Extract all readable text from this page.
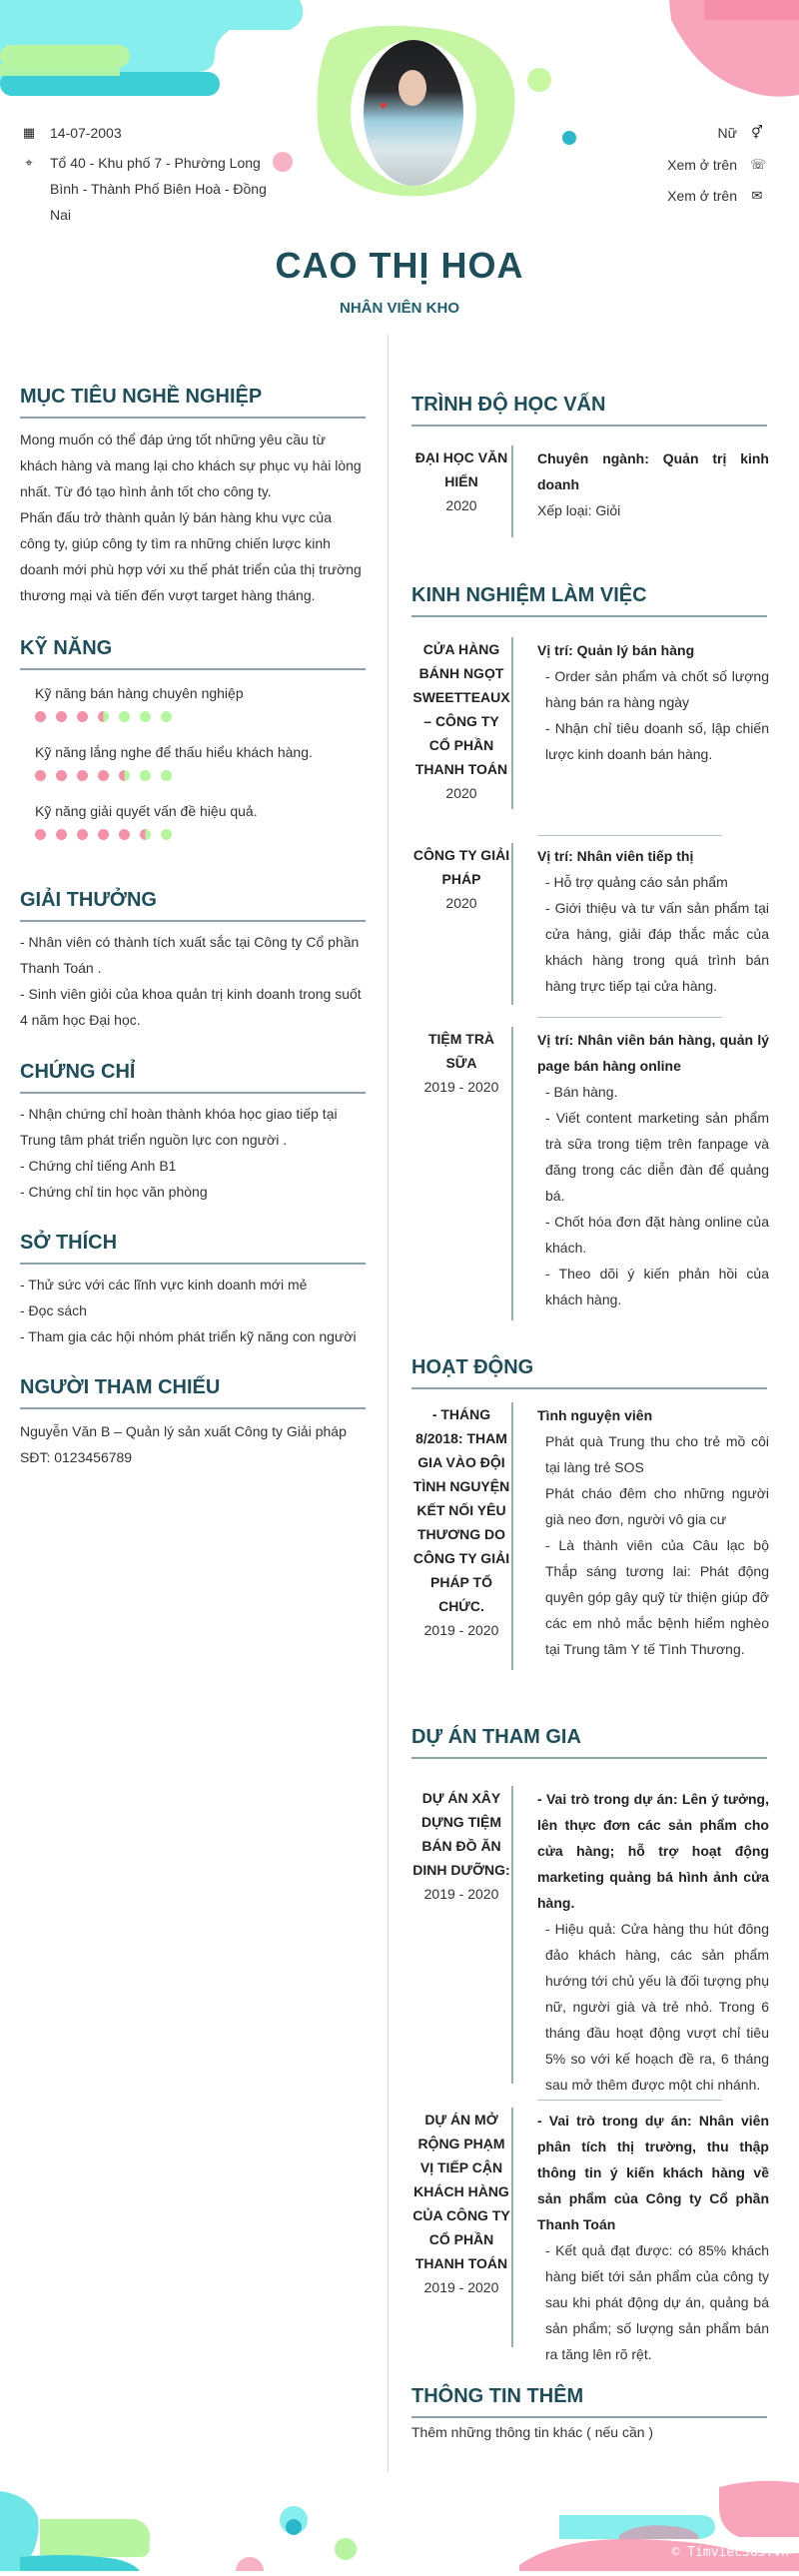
♥
▦ 14-07-2003
⌖ Tổ 40 - Khu phố 7 - Phường Long Bình - Thành Phố Biên Hoà - Đồng Nai
Nữ ⚥
Xem ở trên ☏
Xem ở trên ✉
CAO THỊ HOA
NHÂN VIÊN KHO
MỤC TIÊU NGHỀ NGHIỆP
Mong muốn có thể đáp ứng tốt những yêu cầu từ khách hàng và mang lại cho khách sự phục vụ hài lòng nhất. Từ đó tạo hình ảnh tốt cho công ty.
Phấn đấu trở thành quản lý bán hàng khu vực của công ty, giúp công ty tìm ra những chiến lược kinh doanh mới phù hợp với xu thế phát triển của thị trường thương mại và tiến đến vượt target hàng tháng.
KỸ NĂNG
Kỹ năng bán hàng chuyên nghiệp
Kỹ năng lắng nghe để thấu hiểu khách hàng.
Kỹ năng giải quyết vấn đề hiệu quả.
GIẢI THƯỞNG
- Nhân viên có thành tích xuất sắc tại Công ty Cổ phần Thanh Toán .
- Sinh viên giỏi của khoa quản trị kinh doanh trong suốt 4 năm học Đại học.
CHỨNG CHỈ
- Nhận chứng chỉ hoàn thành khóa học giao tiếp tại Trung tâm phát triển nguồn lực con người .
- Chứng chỉ tiếng Anh B1
- Chứng chỉ tin học văn phòng
SỞ THÍCH
- Thử sức với các lĩnh vực kinh doanh mới mẻ
- Đọc sách
- Tham gia các hội nhóm phát triển kỹ năng con người
NGƯỜI THAM CHIẾU
Nguyễn Văn B – Quản lý sản xuất Công ty Giải pháp
SĐT: 0123456789
TRÌNH ĐỘ HỌC VẤN
ĐẠI HỌC VĂN HIẾN
2020
Chuyên ngành: Quản trị kinh doanh
Xếp loại: Giỏi
KINH NGHIỆM LÀM VIỆC
CỬA HÀNG BÁNH NGỌT SWEETTEAUX – CÔNG TY CỔ PHẦN THANH TOÁN
2020
Vị trí: Quản lý bán hàng
- Order sản phẩm và chốt số lượng hàng bán ra hàng ngày
- Nhận chỉ tiêu doanh số, lập chiến lược kinh doanh bán hàng.
CÔNG TY GIẢI PHÁP
2020
Vị trí: Nhân viên tiếp thị
- Hỗ trợ quảng cáo sản phẩm
- Giới thiệu và tư vấn sản phẩm tại cửa hàng, giải đáp thắc mắc của khách hàng trong quá trình bán hàng trực tiếp tại cửa hàng.
TIỆM TRÀ SỮA
2019 - 2020
Vị trí: Nhân viên bán hàng, quản lý page bán hàng online
- Bán hàng.
- Viết content marketing sản phẩm trà sữa trong tiệm trên fanpage và đăng trong các diễn đàn để quảng bá.
- Chốt hóa đơn đặt hàng online của khách.
- Theo dõi ý kiến phản hồi của khách hàng.
HOẠT ĐỘNG
- THÁNG 8/2018: THAM GIA VÀO ĐỘI TÌNH NGUYỆN KẾT NỐI YÊU THƯƠNG DO CÔNG TY GIẢI PHÁP TỔ CHỨC.
2019 - 2020
Tình nguyện viên
Phát quà Trung thu cho trẻ mồ côi tại làng trẻ SOS
Phát cháo đêm cho những người già neo đơn, người vô gia cư
- Là thành viên của Câu lạc bộ Thắp sáng tương lai: Phát động quyên góp gây quỹ từ thiện giúp đỡ các em nhỏ mắc bệnh hiểm nghèo tại Trung tâm Y tế Tình Thương.
DỰ ÁN THAM GIA
DỰ ÁN XÂY DỰNG TIỆM BÁN ĐỒ ĂN DINH DƯỠNG:
2019 - 2020
- Vai trò trong dự án: Lên ý tưởng, lên thực đơn các sản phẩm cho cửa hàng; hỗ trợ hoạt động marketing quảng bá hình ảnh cửa hàng.
- Hiệu quả: Cửa hàng thu hút đông đảo khách hàng, các sản phẩm hướng tới chủ yếu là đối tượng phụ nữ, người già và trẻ nhỏ. Trong 6 tháng đầu hoạt động vượt chỉ tiêu 5% so với kế hoạch đề ra, 6 tháng sau mở thêm được một chi nhánh.
DỰ ÁN MỞ RỘNG PHẠM VỊ TIẾP CẬN KHÁCH HÀNG CỦA CÔNG TY CỔ PHẦN THANH TOÁN
2019 - 2020
- Vai trò trong dự án: Nhân viên phân tích thị trường, thu thập thông tin ý kiến khách hàng về sản phẩm của Công ty Cổ phần Thanh Toán
- Kết quả đạt được: có 85% khách hàng biết tới sản phẩm của công ty sau khi phát động dự án, quảng bá sản phẩm; số lượng sản phẩm bán ra tăng lên rõ rệt.
THÔNG TIN THÊM
Thêm những thông tin khác ( nếu cần )
© Timviec365.vn
